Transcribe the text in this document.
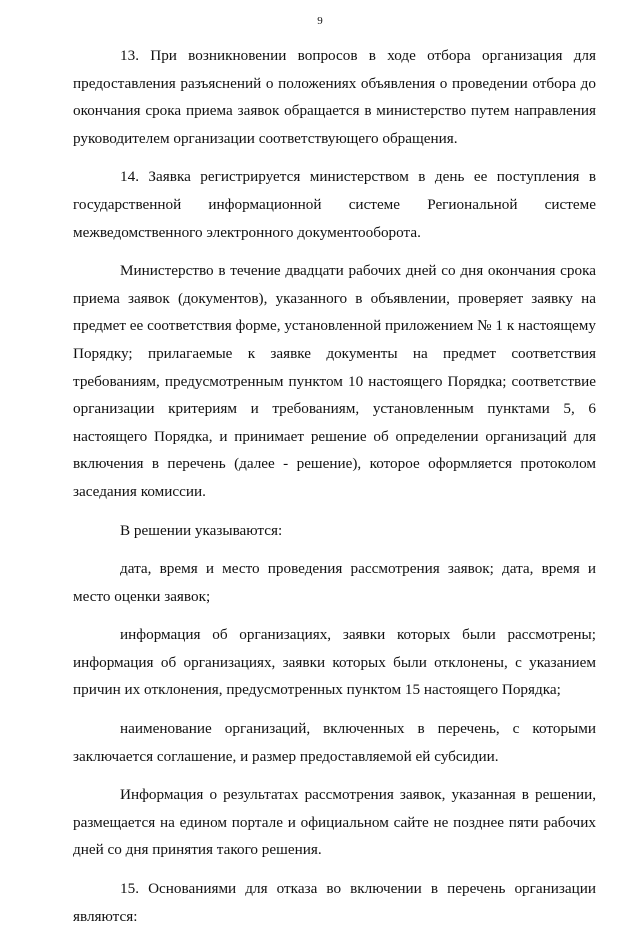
9

13. При возникновении вопросов в ходе отбора организация для предоставления разъяснений о положениях объявления о проведении отбора до окончания срока приема заявок обращается в министерство путем направления руководителем организации соответствующего обращения.

14. Заявка регистрируется министерством в день ее поступления в государственной информационной системе Региональной системе межведомственного электронного документооборота.

Министерство в течение двадцати рабочих дней со дня окончания срока приема заявок (документов), указанного в объявлении, проверяет заявку на предмет ее соответствия форме, установленной приложением № 1 к настоящему Порядку; прилагаемые к заявке документы на предмет соответствия требованиям, предусмотренным пунктом 10 настоящего Порядка; соответствие организации критериям и требованиям, установленным пунктами 5, 6 настоящего Порядка, и принимает решение об определении организаций для включения в перечень (далее - решение), которое оформляется протоколом заседания комиссии.

В решении указываются:

дата, время и место проведения рассмотрения заявок; дата, время и место оценки заявок;

информация об организациях, заявки которых были рассмотрены; информация об организациях, заявки которых были отклонены, с указанием причин их отклонения, предусмотренных пунктом 15 настоящего Порядка;

наименование организаций, включенных в перечень, с которыми заключается соглашение, и размер предоставляемой ей субсидии.

Информация о результатах рассмотрения заявок, указанная в решении, размещается на едином портале и официальном сайте не позднее пяти рабочих дней со дня принятия такого решения.

15. Основаниями для отказа во включении в перечень организации являются:
